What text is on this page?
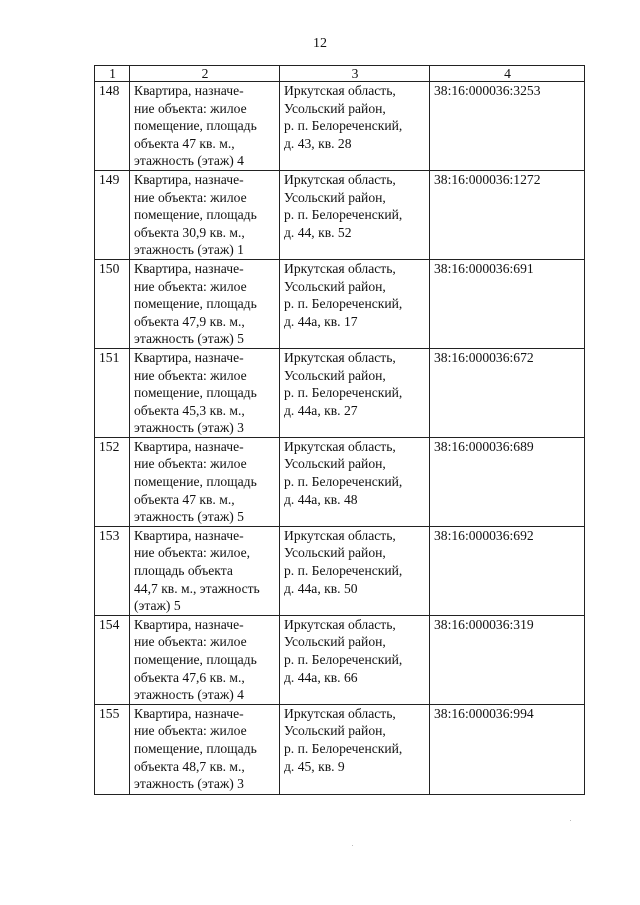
12
1	2	3	4
148	Квартира, назначе-
ние объекта: жилое
помещение, площадь
объекта 47 кв. м.,
этажность (этаж) 4	Иркутская область,
Усольский район,
р. п. Белореченский,
д. 43, кв. 28	38:16:000036:3253
149	Квартира, назначе-
ние объекта: жилое
помещение, площадь
объекта 30,9 кв. м.,
этажность (этаж) 1	Иркутская область,
Усольский район,
р. п. Белореченский,
д. 44, кв. 52	38:16:000036:1272
150	Квартира, назначе-
ние объекта: жилое
помещение, площадь
объекта 47,9 кв. м.,
этажность (этаж) 5	Иркутская область,
Усольский район,
р. п. Белореченский,
д. 44а, кв. 17	38:16:000036:691
151	Квартира, назначе-
ние объекта: жилое
помещение, площадь
объекта 45,3 кв. м.,
этажность (этаж) 3	Иркутская область,
Усольский район,
р. п. Белореченский,
д. 44а, кв. 27	38:16:000036:672
152	Квартира, назначе-
ние объекта: жилое
помещение, площадь
объекта 47 кв. м.,
этажность (этаж) 5	Иркутская область,
Усольский район,
р. п. Белореченский,
д. 44а, кв. 48	38:16:000036:689
153	Квартира, назначе-
ние объекта: жилое,
площадь объекта
44,7 кв. м., этажность
(этаж) 5	Иркутская область,
Усольский район,
р. п. Белореченский,
д. 44а, кв. 50	38:16:000036:692
154	Квартира, назначе-
ние объекта: жилое
помещение, площадь
объекта 47,6 кв. м.,
этажность (этаж) 4	Иркутская область,
Усольский район,
р. п. Белореченский,
д. 44а, кв. 66	38:16:000036:319
155	Квартира, назначе-
ние объекта: жилое
помещение, площадь
объекта 48,7 кв. м.,
этажность (этаж) 3	Иркутская область,
Усольский район,
р. п. Белореченский,
д. 45, кв. 9	38:16:000036:994
